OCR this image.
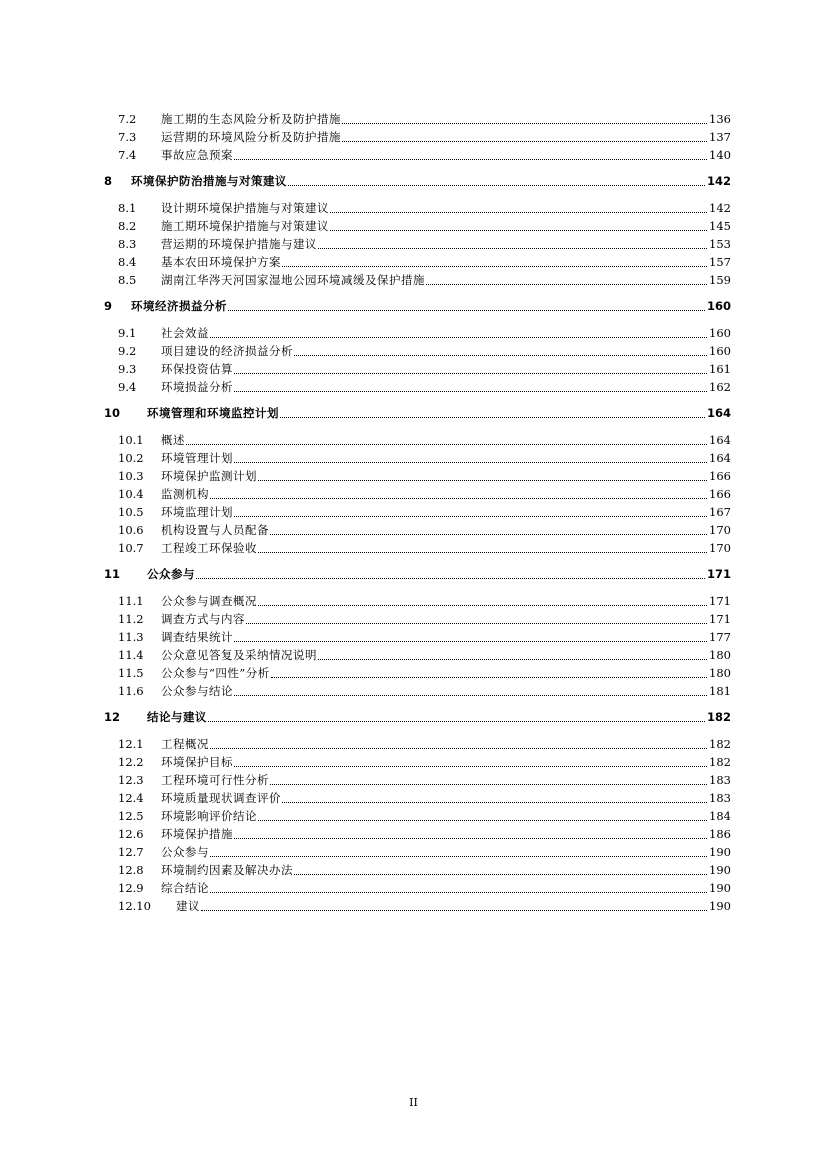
7.2 施工期的生态风险分析及防护措施	136
7.3 运营期的环境风险分析及防护措施	137
7.4 事故应急预案	140
8 环境保护防治措施与对策建议	142
8.1 设计期环境保护措施与对策建议	142
8.2 施工期环境保护措施与对策建议	145
8.3 营运期的环境保护措施与建议	153
8.4 基本农田环境保护方案	157
8.5 湖南江华涔天河国家湿地公园环境减缓及保护措施	159
9 环境经济损益分析	160
9.1 社会效益	160
9.2 项目建设的经济损益分析	160
9.3 环保投资估算	161
9.4 环境损益分析	162
10 环境管理和环境监控计划	164
10.1 概述	164
10.2 环境管理计划	164
10.3 环境保护监测计划	166
10.4 监测机构	166
10.5 环境监理计划	167
10.6 机构设置与人员配备	170
10.7 工程竣工环保验收	170
11 公众参与	171
11.1 公众参与调查概况	171
11.2 调查方式与内容	171
11.3 调查结果统计	177
11.4 公众意见答复及采纳情况说明	180
11.5 公众参与“四性”分析	180
11.6 公众参与结论	181
12 结论与建议	182
12.1 工程概况	182
12.2 环境保护目标	182
12.3 工程环境可行性分析	183
12.4 环境质量现状调查评价	183
12.5 环境影响评价结论	184
12.6 环境保护措施	186
12.7 公众参与	190
12.8 环境制约因素及解决办法	190
12.9 综合结论	190
12.10 建议	190
II
